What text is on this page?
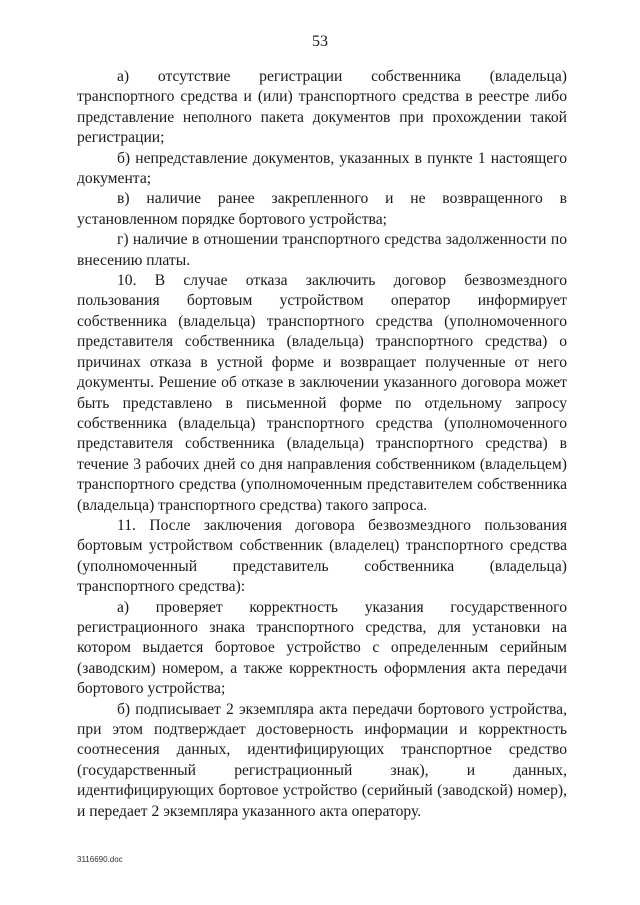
53

а) отсутствие регистрации собственника (владельца) транспортного средства и (или) транспортного средства в реестре либо представление неполного пакета документов при прохождении такой регистрации;

б) непредставление документов, указанных в пункте 1 настоящего документа;

в) наличие ранее закрепленного и не возвращенного в установленном порядке бортового устройства;

г) наличие в отношении транспортного средства задолженности по внесению платы.

10. В случае отказа заключить договор безвозмездного пользования бортовым устройством оператор информирует собственника (владельца) транспортного средства (уполномоченного представителя собственника (владельца) транспортного средства) о причинах отказа в устной форме и возвращает полученные от него документы. Решение об отказе в заключении указанного договора может быть представлено в письменной форме по отдельному запросу собственника (владельца) транспортного средства (уполномоченного представителя собственника (владельца) транспортного средства) в течение 3 рабочих дней со дня направления собственником (владельцем) транспортного средства (уполномоченным представителем собственника (владельца) транспортного средства) такого запроса.

11. После заключения договора безвозмездного пользования бортовым устройством собственник (владелец) транспортного средства (уполномоченный представитель собственника (владельца) транспортного средства):

а) проверяет корректность указания государственного регистрационного знака транспортного средства, для установки на котором выдается бортовое устройство с определенным серийным (заводским) номером, а также корректность оформления акта передачи бортового устройства;

б) подписывает 2 экземпляра акта передачи бортового устройства, при этом подтверждает достоверность информации и корректность соотнесения данных, идентифицирующих транспортное средство (государственный регистрационный знак), и данных, идентифицирующих бортовое устройство (серийный (заводской) номер), и передает 2 экземпляра указанного акта оператору.

3116690.doc
